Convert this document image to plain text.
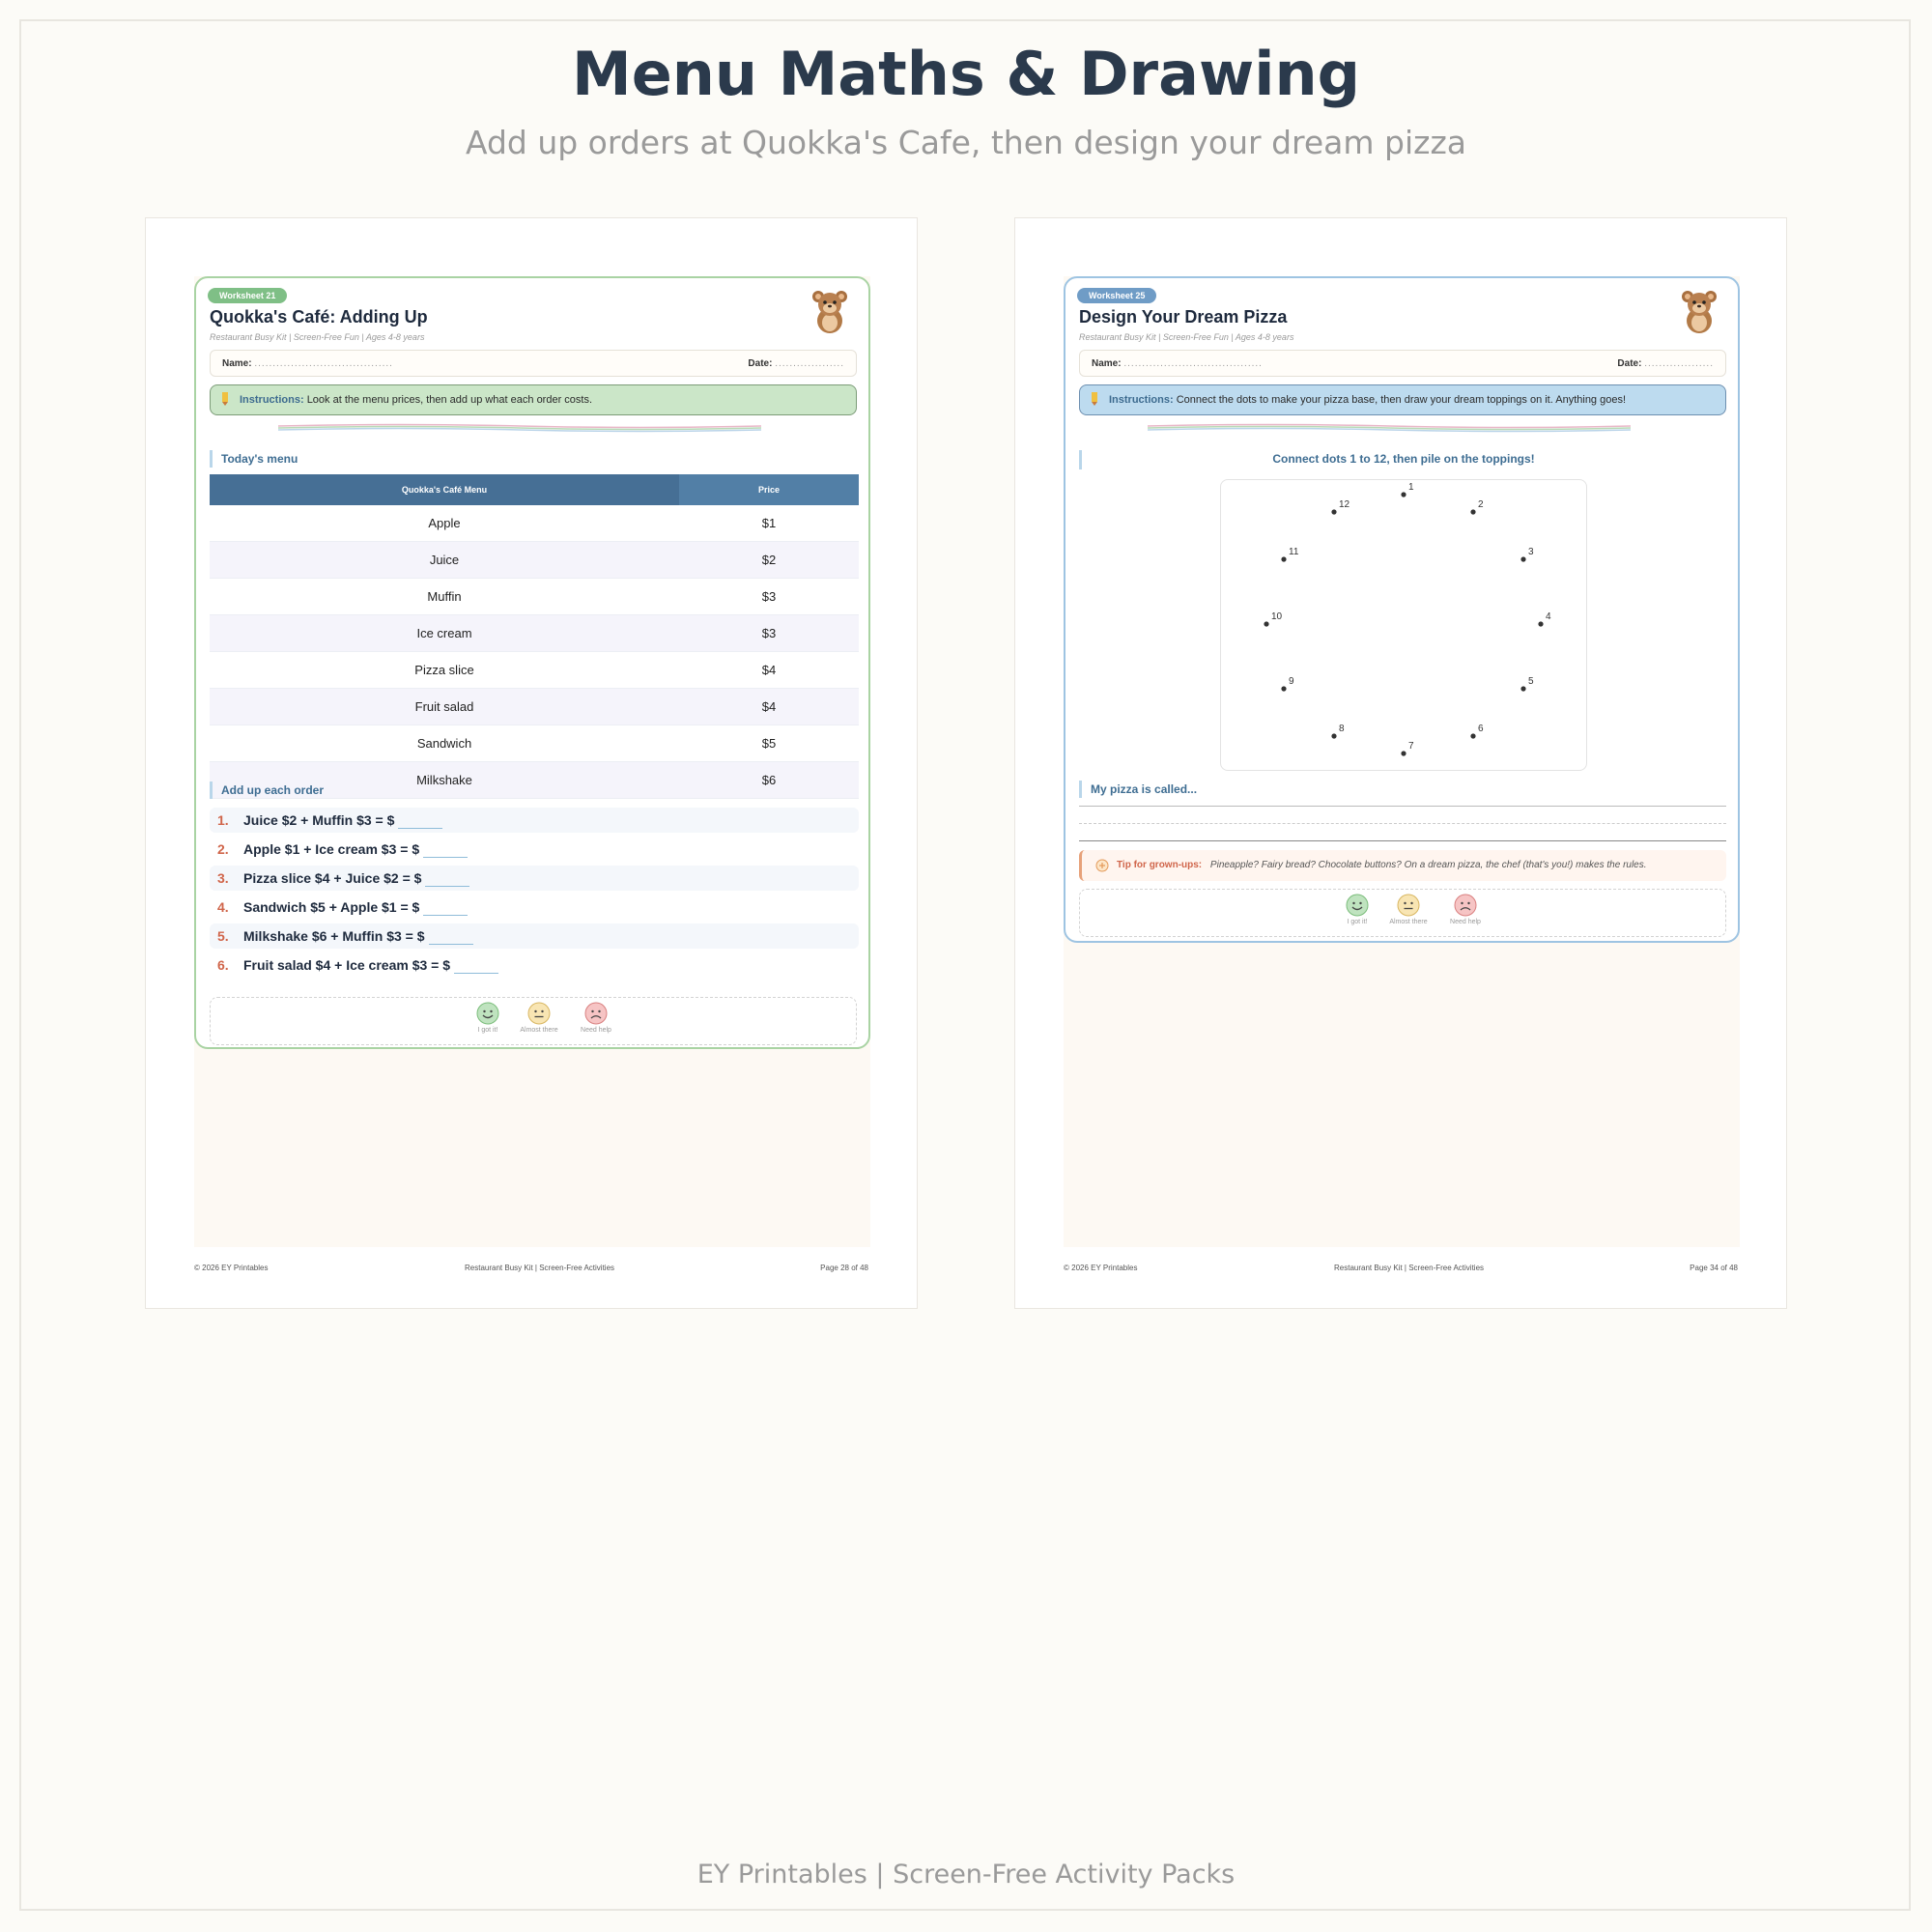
Menu Maths & Drawing
Add up orders at Quokka's Cafe, then design your dream pizza
Worksheet 21
Quokka's Café: Adding Up
Restaurant Busy Kit | Screen-Free Fun | Ages 4-8 years
Name: ......................................	Date: ...................
Instructions: Look at the menu prices, then add up what each order costs.
Today's menu
Quokka's Café Menu	Price
Apple	$1
Juice	$2
Muffin	$3
Ice cream	$3
Pizza slice	$4
Fruit salad	$4
Sandwich	$5
Milkshake	$6
Add up each order
1. Juice $2 + Muffin $3 = $
2. Apple $1 + Ice cream $3 = $
3. Pizza slice $4 + Juice $2 = $
4. Sandwich $5 + Apple $1 = $
5. Milkshake $6 + Muffin $3 = $
6. Fruit salad $4 + Ice cream $3 = $
I got it!	Almost there	Need help
© 2026 EY Printables	Restaurant Busy Kit | Screen-Free Activities	Page 28 of 48
Worksheet 25
Design Your Dream Pizza
Restaurant Busy Kit | Screen-Free Fun | Ages 4-8 years
Name: ......................................	Date: ...................
Instructions: Connect the dots to make your pizza base, then draw your dream toppings on it. Anything goes!
Connect dots 1 to 12, then pile on the toppings!
1
2
3
4
5
6
7
8
9
10
11
12
My pizza is called...
Tip for grown-ups: Pineapple? Fairy bread? Chocolate buttons? On a dream pizza, the chef (that's you!) makes the rules.
I got it!	Almost there	Need help
© 2026 EY Printables	Restaurant Busy Kit | Screen-Free Activities	Page 34 of 48
EY Printables | Screen-Free Activity Packs
